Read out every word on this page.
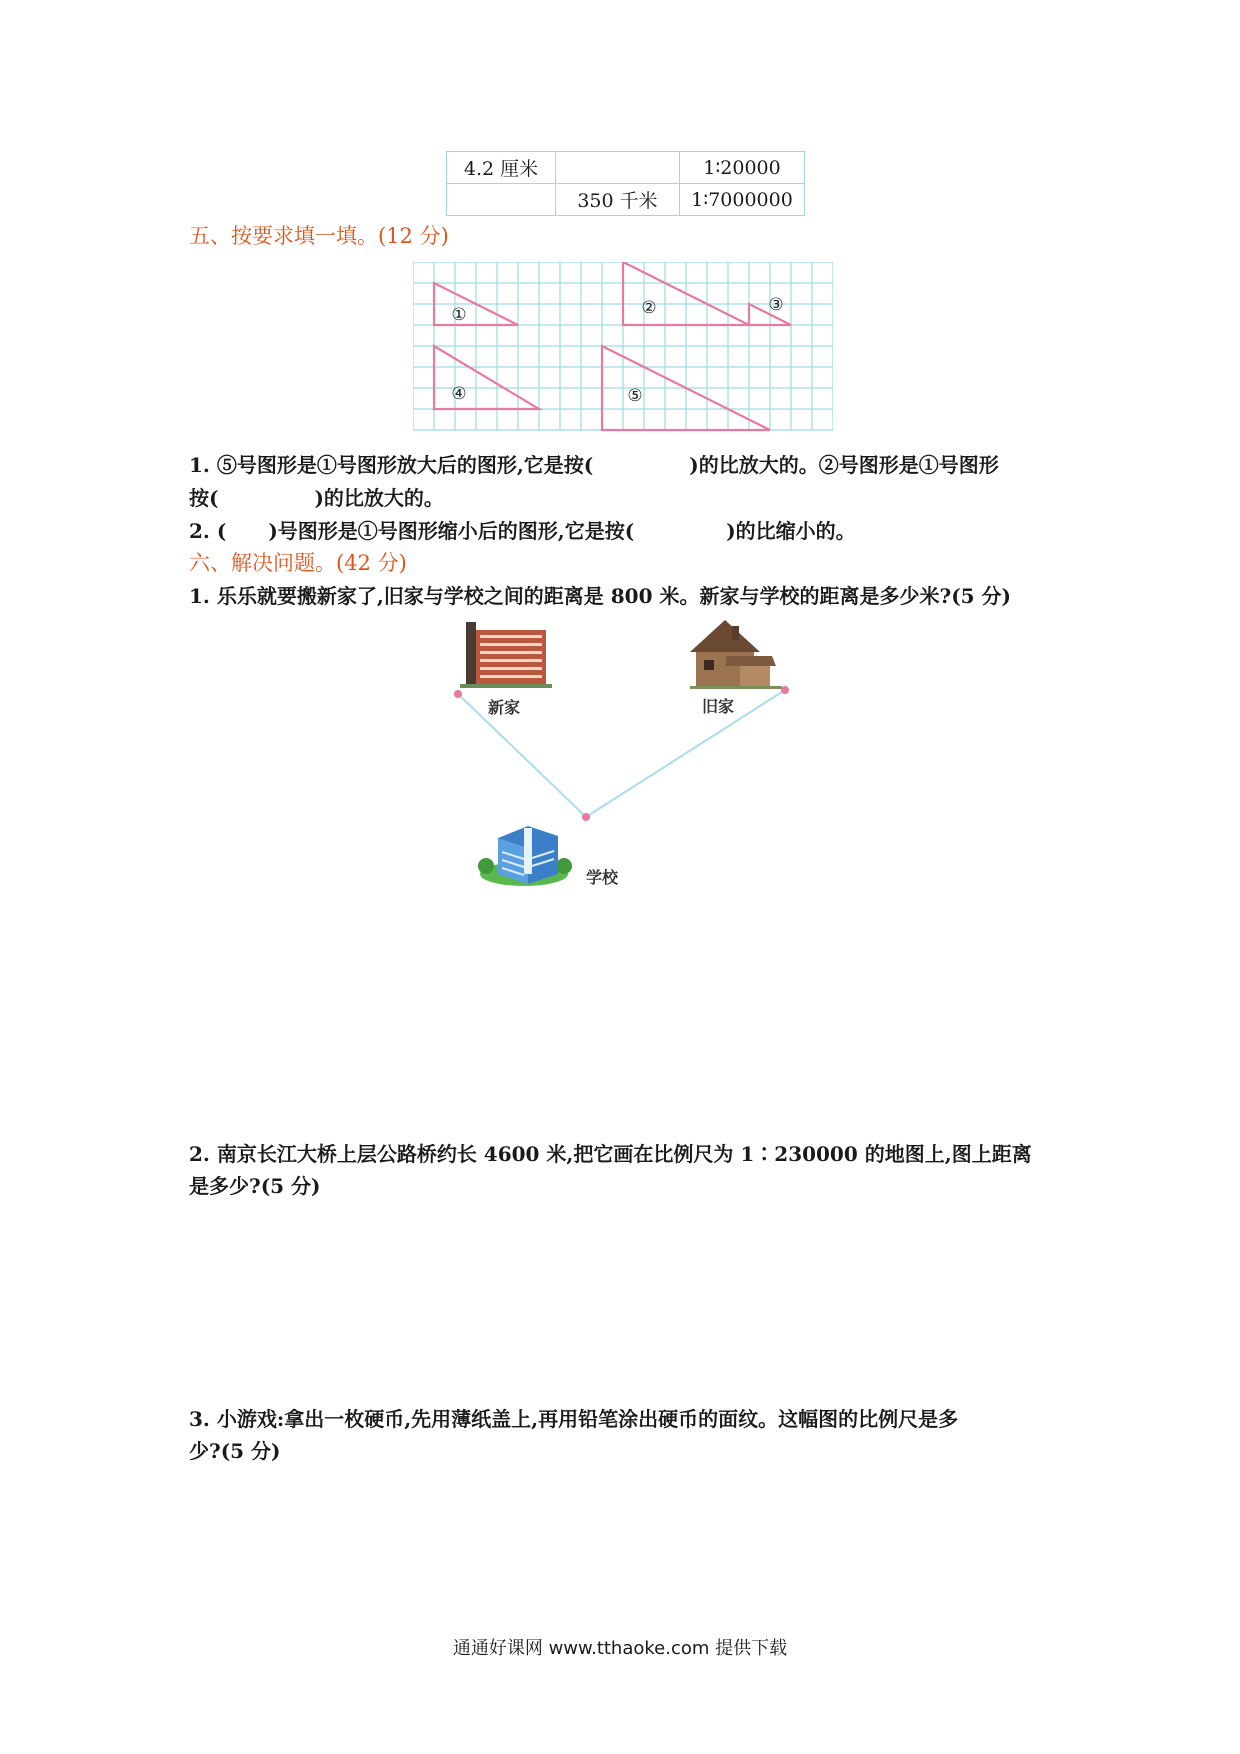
4.2 厘米		1∶20000
	350 千米	1∶7000000
五、按要求填一填。(12 分)
①	②	③
④	⑤
1. ⑤号图形是①号图形放大后的图形,它是按(	)的比放大的。②号图形是①号图形
按(	)的比放大的。
2. ( )号图形是①号图形缩小后的图形,它是按(	)的比缩小的。
六、解决问题。(42 分)
1. 乐乐就要搬新家了,旧家与学校之间的距离是 800 米。新家与学校的距离是多少米?(5 分)
新家	旧家
学校
2. 南京长江大桥上层公路桥约长 4600 米,把它画在比例尺为 1∶230000 的地图上,图上距离
是多少?(5 分)
3. 小游戏:拿出一枚硬币,先用薄纸盖上,再用铅笔涂出硬币的面纹。这幅图的比例尺是多
少?(5 分)
通通好课网 www.tthaoke.com 提供下载
